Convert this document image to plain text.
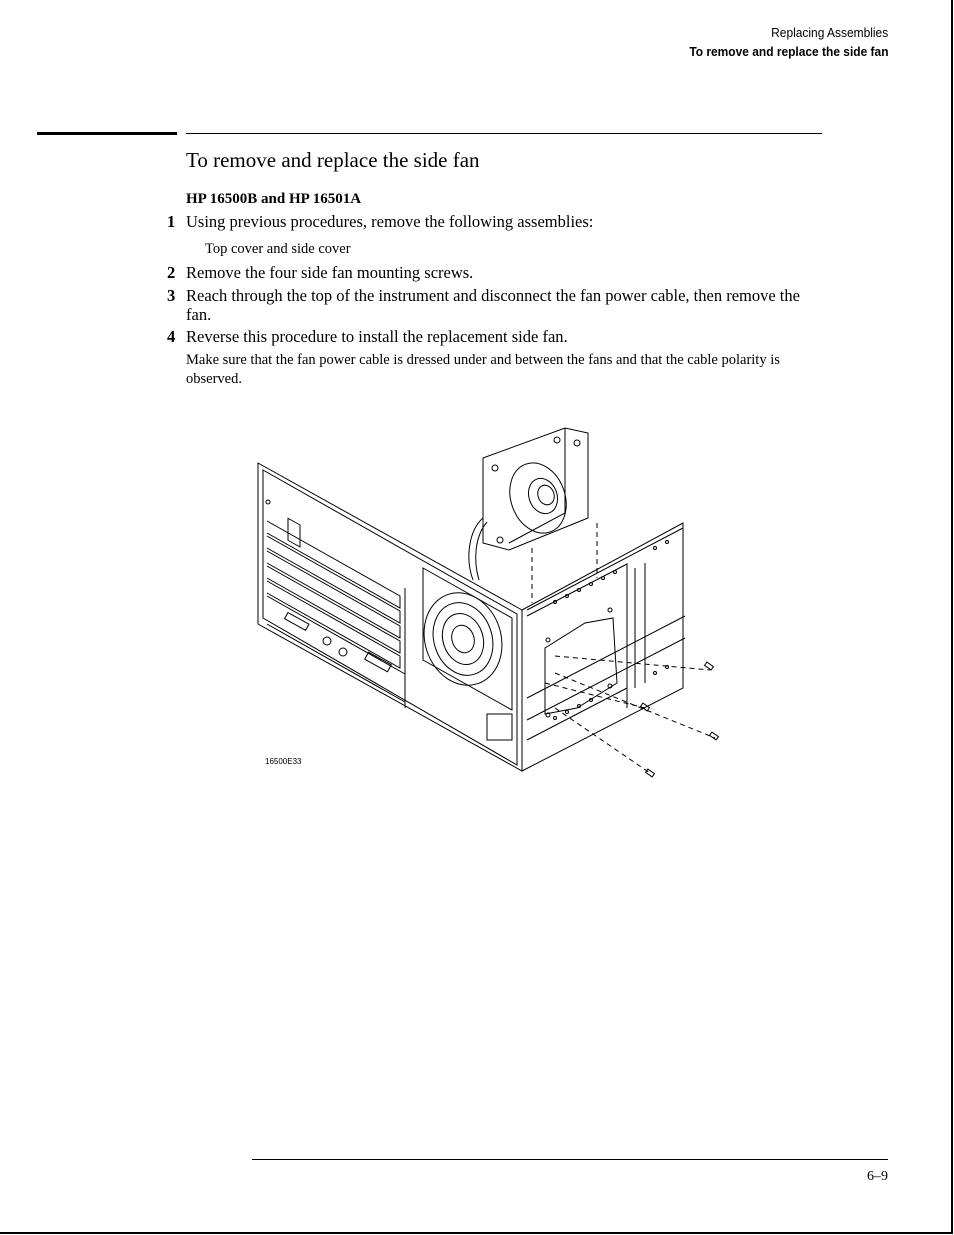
Replacing Assemblies
To remove and replace the side fan
To remove and replace the side fan
HP 16500B and HP 16501A
1 Using previous procedures, remove the following assemblies:
Top cover and side cover
2 Remove the four side fan mounting screws.
3 Reach through the top of the instrument and disconnect the fan power cable, then remove the fan.
4 Reverse this procedure to install the replacement side fan.
Make sure that the fan power cable is dressed under and between the fans and that the cable polarity is observed.
16500E33
6–9
